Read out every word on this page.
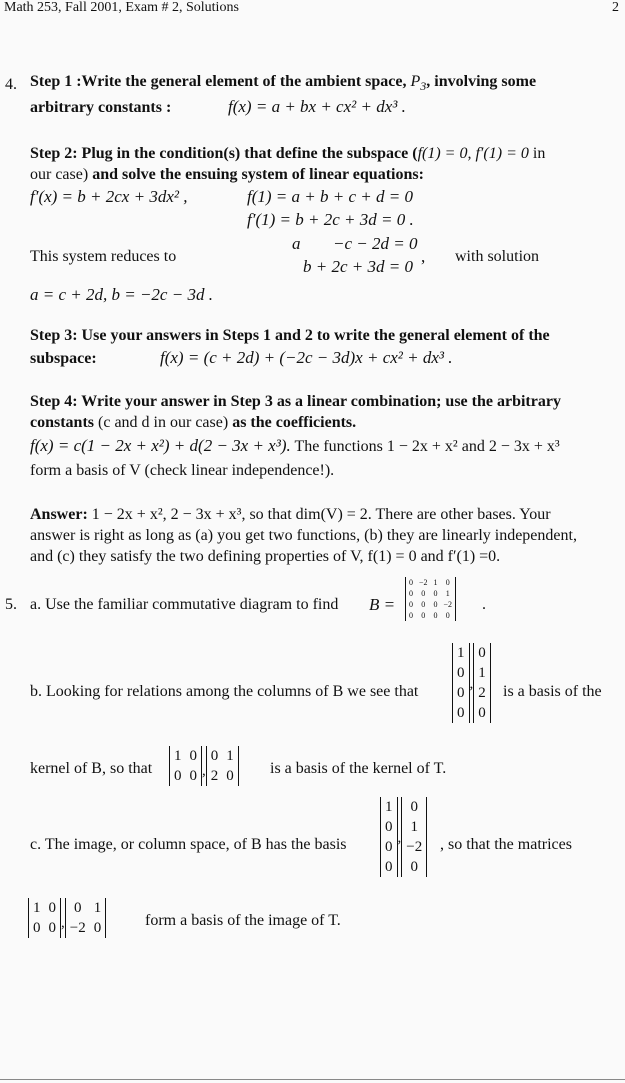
Math 253, Fall 2001, Exam # 2, Solutions	2
4. Step 1 :Write the general element of the ambient space, $P_3$, involving some
arbitrary constants :	f(x) = a + bx + cx² + dx³ .
Step 2: Plug in the condition(s) that define the subspace (f(1) = 0, f′(1) = 0 in
our case) and solve the ensuing system of linear equations:
f′(x) = b + 2cx + 3dx² ,	f(1) = a + b + c + d = 0
f′(1) = b + 2c + 3d = 0 .
This system reduces to
a −c − 2d = 0
b + 2c + 3d = 0
, with solution
a = c + 2d, b = −2c − 3d .
Step 3: Use your answers in Steps 1 and 2 to write the general element of the
subspace:	f(x) = (c + 2d) + (−2c − 3d)x + cx² + dx³ .
Step 4: Write your answer in Step 3 as a linear combination; use the arbitrary
constants (c and d in our case) as the coefficients.
f(x) = c(1 − 2x + x²) + d(2 − 3x + x³). The functions 1 − 2x + x² and 2 − 3x + x³
form a basis of V (check linear independence!).
Answer: 1 − 2x + x², 2 − 3x + x³, so that dim(V) = 2. There are other bases. Your
answer is right as long as (a) you get two functions, (b) they are linearly independent,
and (c) they satisfy the two defining properties of V, f(1) = 0 and f′(1) =0.
5. a. Use the familiar commutative diagram to find B =
0	−2	1	0
0	0	0	1
0	0	0	−2
0	0	0	0
.
b. Looking for relations among the columns of B we see that
1
0
0
0
,
0
1
2
0
is a basis of the
kernel of B, so that
1	0
0	0 ,
0	1
2	0 is a basis of the kernel of T.
c. The image, or column space, of B has the basis
1
0
0
0
,
0
1
−2
0
, so that the matrices
1	0
0	0 ,
0	1
−2	0	form a basis of the image of T.
